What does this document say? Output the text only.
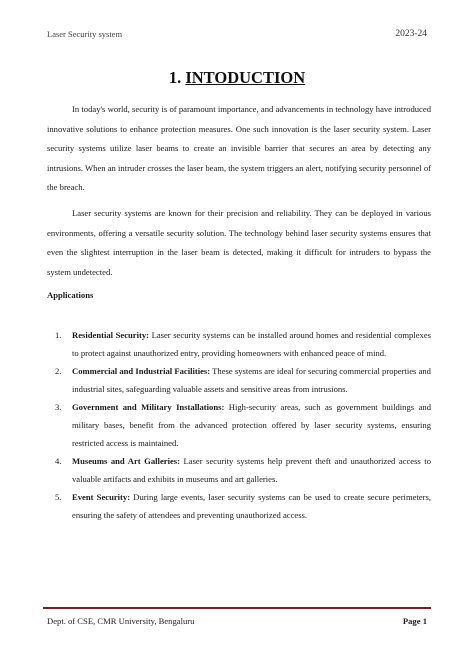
Laser Security system	2023-24
1. INTODUCTION

In today's world, security is of paramount importance, and advancements in technology have introduced innovative solutions to enhance protection measures. One such innovation is the laser security system. Laser security systems utilize laser beams to create an invisible barrier that secures an area by detecting any intrusions. When an intruder crosses the laser beam, the system triggers an alert, notifying security personnel of the breach.

Laser security systems are known for their precision and reliability. They can be deployed in various environments, offering a versatile security solution. The technology behind laser security systems ensures that even the slightest interruption in the laser beam is detected, making it difficult for intruders to bypass the system undetected.

Applications
1. Residential Security: Laser security systems can be installed around homes and residential complexes to protect against unauthorized entry, providing homeowners with enhanced peace of mind.
2. Commercial and Industrial Facilities: These systems are ideal for securing commercial properties and industrial sites, safeguarding valuable assets and sensitive areas from intrusions.
3. Government and Military Installations: High-security areas, such as government buildings and military bases, benefit from the advanced protection offered by laser security systems, ensuring restricted access is maintained.
4. Museums and Art Galleries: Laser security systems help prevent theft and unauthorized access to valuable artifacts and exhibits in museums and art galleries.
5. Event Security: During large events, laser security systems can be used to create secure perimeters, ensuring the safety of attendees and preventing unauthorized access.
Dept. of CSE, CMR University, Bengaluru	Page 1
